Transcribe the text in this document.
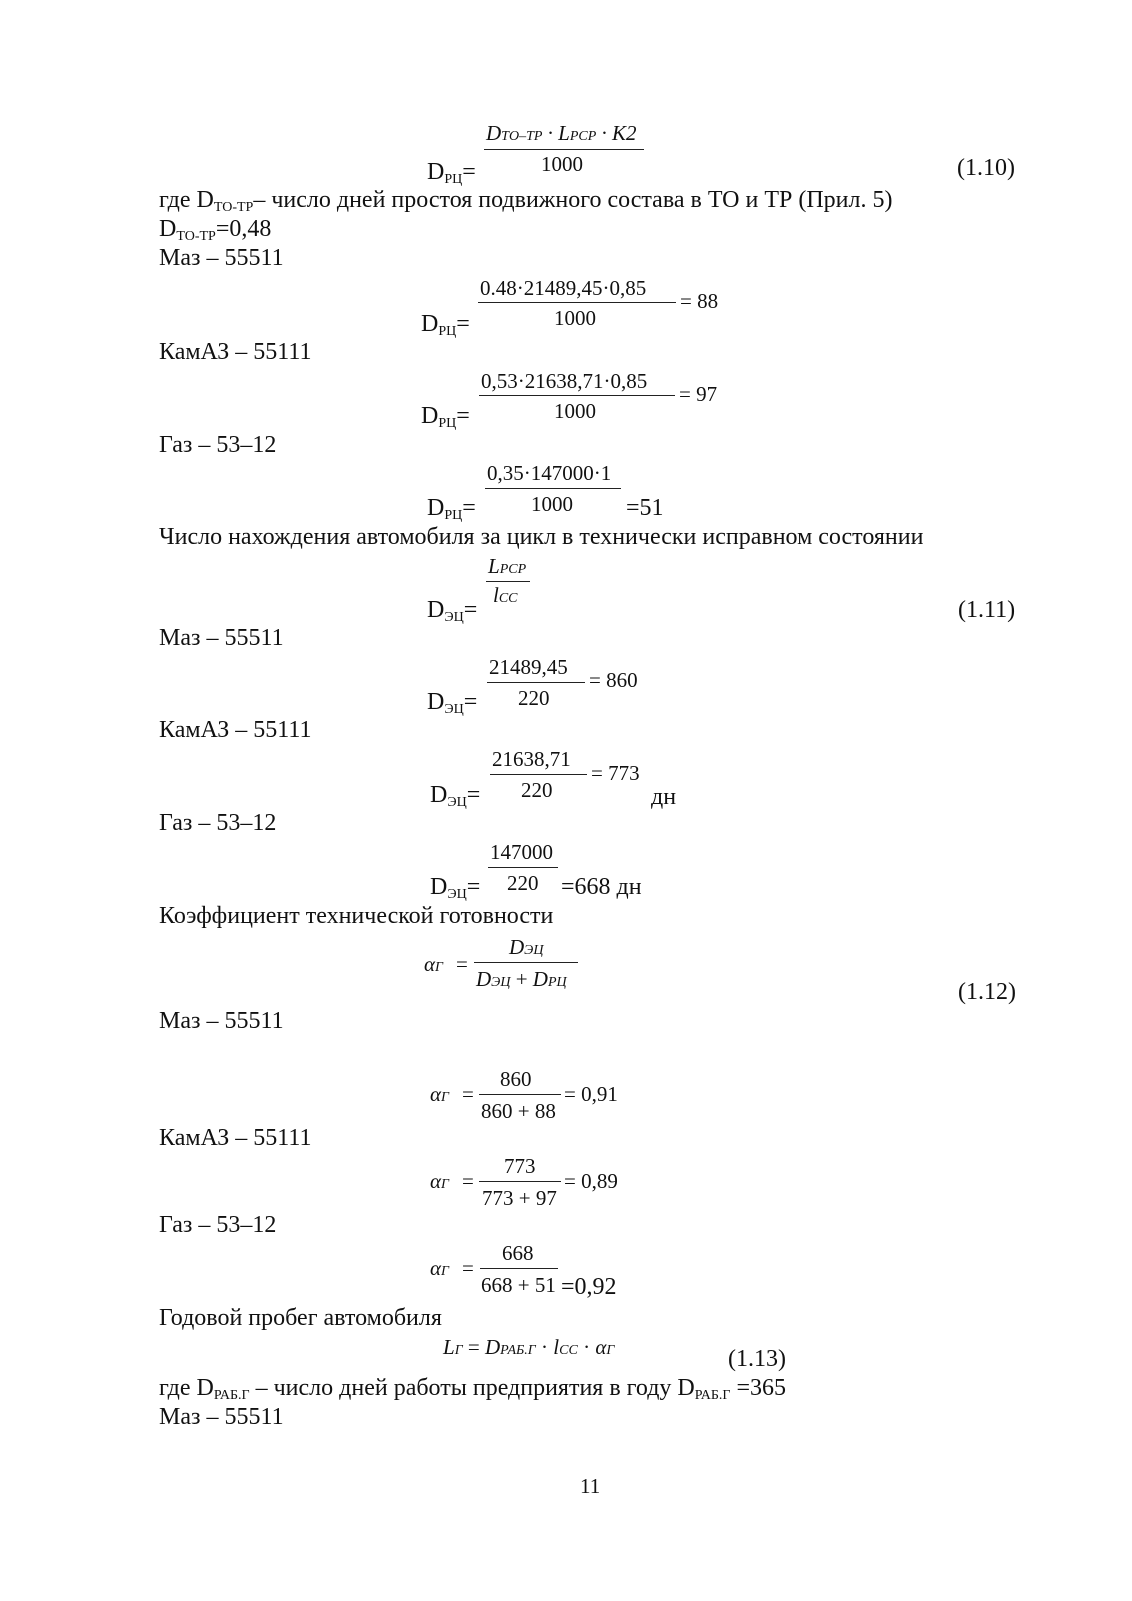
DТО–ТР · LРСР · K2
1000
$D_{РЦ}=$	(1.10)
где $D_{ТО-ТР}-$ число дней простоя подвижного состава в ТО и ТР (Прил. 5)
$D_{ТО-ТР}=0,48$
Маз – 55511
0.48·21489,45·0,85
1000
= 88
$D_{РЦ}=$
КамАЗ – 55111
0,53·21638,71·0,85
1000
= 97
$D_{РЦ}=$
Газ – 53–12
0,35·147000·1
1000
$D_{РЦ}=$	=51
Число нахождения автомобиля за цикл в технически исправном состоянии
LРСР
lСС
$D_{ЭЦ}=$	(1.11)
Маз – 55511
21489,45
220
= 860
$D_{ЭЦ}=$
КамАЗ – 55111
21638,71
220
= 773
дн
$D_{ЭЦ}=$
Газ – 53–12
147000
220
$D_{ЭЦ}=$	=668 дн
Коэффициент технической готовности
αГ =
DЭЦ
DЭЦ + DРЦ	(1.12)
Маз – 55511
αГ =
860
860 + 88
= 0,91
КамАЗ – 55111
αГ =
773
773 + 97
= 0,89
Газ – 53–12
αГ =
668
668 + 51 =0,92
Годовой пробег автомобиля
LГ = DРАБ.Г · lСС · αГ	(1.13)
где $D_{РАБ.Г}$ – число дней работы предприятия в году $D_{РАБ.Г} =365$
Маз – 55511
11
